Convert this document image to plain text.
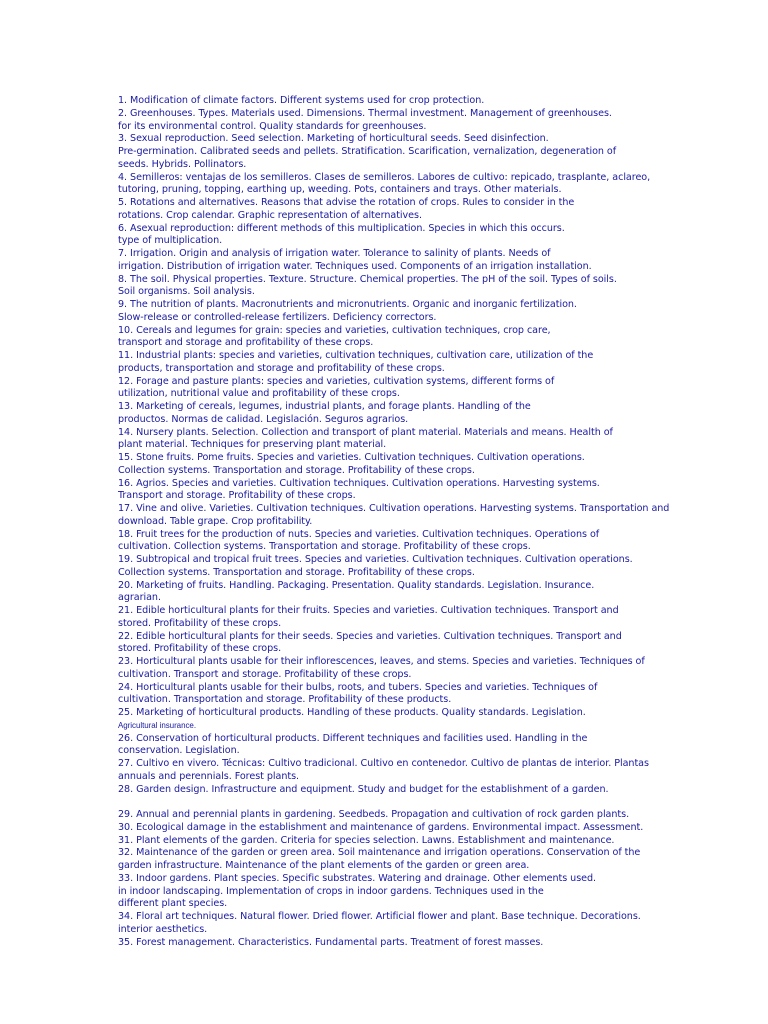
1. Modification of climate factors. Different systems used for crop protection.
2. Greenhouses. Types. Materials used. Dimensions. Thermal investment. Management of greenhouses.
for its environmental control. Quality standards for greenhouses.
3. Sexual reproduction. Seed selection. Marketing of horticultural seeds. Seed disinfection.
Pre-germination. Calibrated seeds and pellets. Stratification. Scarification, vernalization, degeneration of
seeds. Hybrids. Pollinators.
4. Semilleros: ventajas de los semilleros. Clases de semilleros. Labores de cultivo: repicado, trasplante, aclareo,
tutoring, pruning, topping, earthing up, weeding. Pots, containers and trays. Other materials.
5. Rotations and alternatives. Reasons that advise the rotation of crops. Rules to consider in the
rotations. Crop calendar. Graphic representation of alternatives.
6. Asexual reproduction: different methods of this multiplication. Species in which this occurs.
type of multiplication.
7. Irrigation. Origin and analysis of irrigation water. Tolerance to salinity of plants. Needs of
irrigation. Distribution of irrigation water. Techniques used. Components of an irrigation installation.
8. The soil. Physical properties. Texture. Structure. Chemical properties. The pH of the soil. Types of soils.
Soil organisms. Soil analysis.
9. The nutrition of plants. Macronutrients and micronutrients. Organic and inorganic fertilization.
Slow-release or controlled-release fertilizers. Deficiency correctors.
10. Cereals and legumes for grain: species and varieties, cultivation techniques, crop care,
transport and storage and profitability of these crops.
11. Industrial plants: species and varieties, cultivation techniques, cultivation care, utilization of the
products, transportation and storage and profitability of these crops.
12. Forage and pasture plants: species and varieties, cultivation systems, different forms of
utilization, nutritional value and profitability of these crops.
13. Marketing of cereals, legumes, industrial plants, and forage plants. Handling of the
productos. Normas de calidad. Legislación. Seguros agrarios.
14. Nursery plants. Selection. Collection and transport of plant material. Materials and means. Health of
plant material. Techniques for preserving plant material.
15. Stone fruits. Pome fruits. Species and varieties. Cultivation techniques. Cultivation operations.
Collection systems. Transportation and storage. Profitability of these crops.
16. Agrios. Species and varieties. Cultivation techniques. Cultivation operations. Harvesting systems.
Transport and storage. Profitability of these crops.
17. Vine and olive. Varieties. Cultivation techniques. Cultivation operations. Harvesting systems. Transportation and
download. Table grape. Crop profitability.
18. Fruit trees for the production of nuts. Species and varieties. Cultivation techniques. Operations of
cultivation. Collection systems. Transportation and storage. Profitability of these crops.
19. Subtropical and tropical fruit trees. Species and varieties. Cultivation techniques. Cultivation operations.
Collection systems. Transportation and storage. Profitability of these crops.
20. Marketing of fruits. Handling. Packaging. Presentation. Quality standards. Legislation. Insurance.
agrarian.
21. Edible horticultural plants for their fruits. Species and varieties. Cultivation techniques. Transport and
stored. Profitability of these crops.
22. Edible horticultural plants for their seeds. Species and varieties. Cultivation techniques. Transport and
stored. Profitability of these crops.
23. Horticultural plants usable for their inflorescences, leaves, and stems. Species and varieties. Techniques of
cultivation. Transport and storage. Profitability of these crops.
24. Horticultural plants usable for their bulbs, roots, and tubers. Species and varieties. Techniques of
cultivation. Transportation and storage. Profitability of these products.
25. Marketing of horticultural products. Handling of these products. Quality standards. Legislation.
Agricultural insurance.
26. Conservation of horticultural products. Different techniques and facilities used. Handling in the
conservation. Legislation.
27. Cultivo en vivero. Técnicas: Cultivo tradicional. Cultivo en contenedor. Cultivo de plantas de interior. Plantas
annuals and perennials. Forest plants.
28. Garden design. Infrastructure and equipment. Study and budget for the establishment of a garden.
29. Annual and perennial plants in gardening. Seedbeds. Propagation and cultivation of rock garden plants.
30. Ecological damage in the establishment and maintenance of gardens. Environmental impact. Assessment.
31. Plant elements of the garden. Criteria for species selection. Lawns. Establishment and maintenance.
32. Maintenance of the garden or green area. Soil maintenance and irrigation operations. Conservation of the
garden infrastructure. Maintenance of the plant elements of the garden or green area.
33. Indoor gardens. Plant species. Specific substrates. Watering and drainage. Other elements used.
in indoor landscaping. Implementation of crops in indoor gardens. Techniques used in the
different plant species.
34. Floral art techniques. Natural flower. Dried flower. Artificial flower and plant. Base technique. Decorations.
interior aesthetics.
35. Forest management. Characteristics. Fundamental parts. Treatment of forest masses.
